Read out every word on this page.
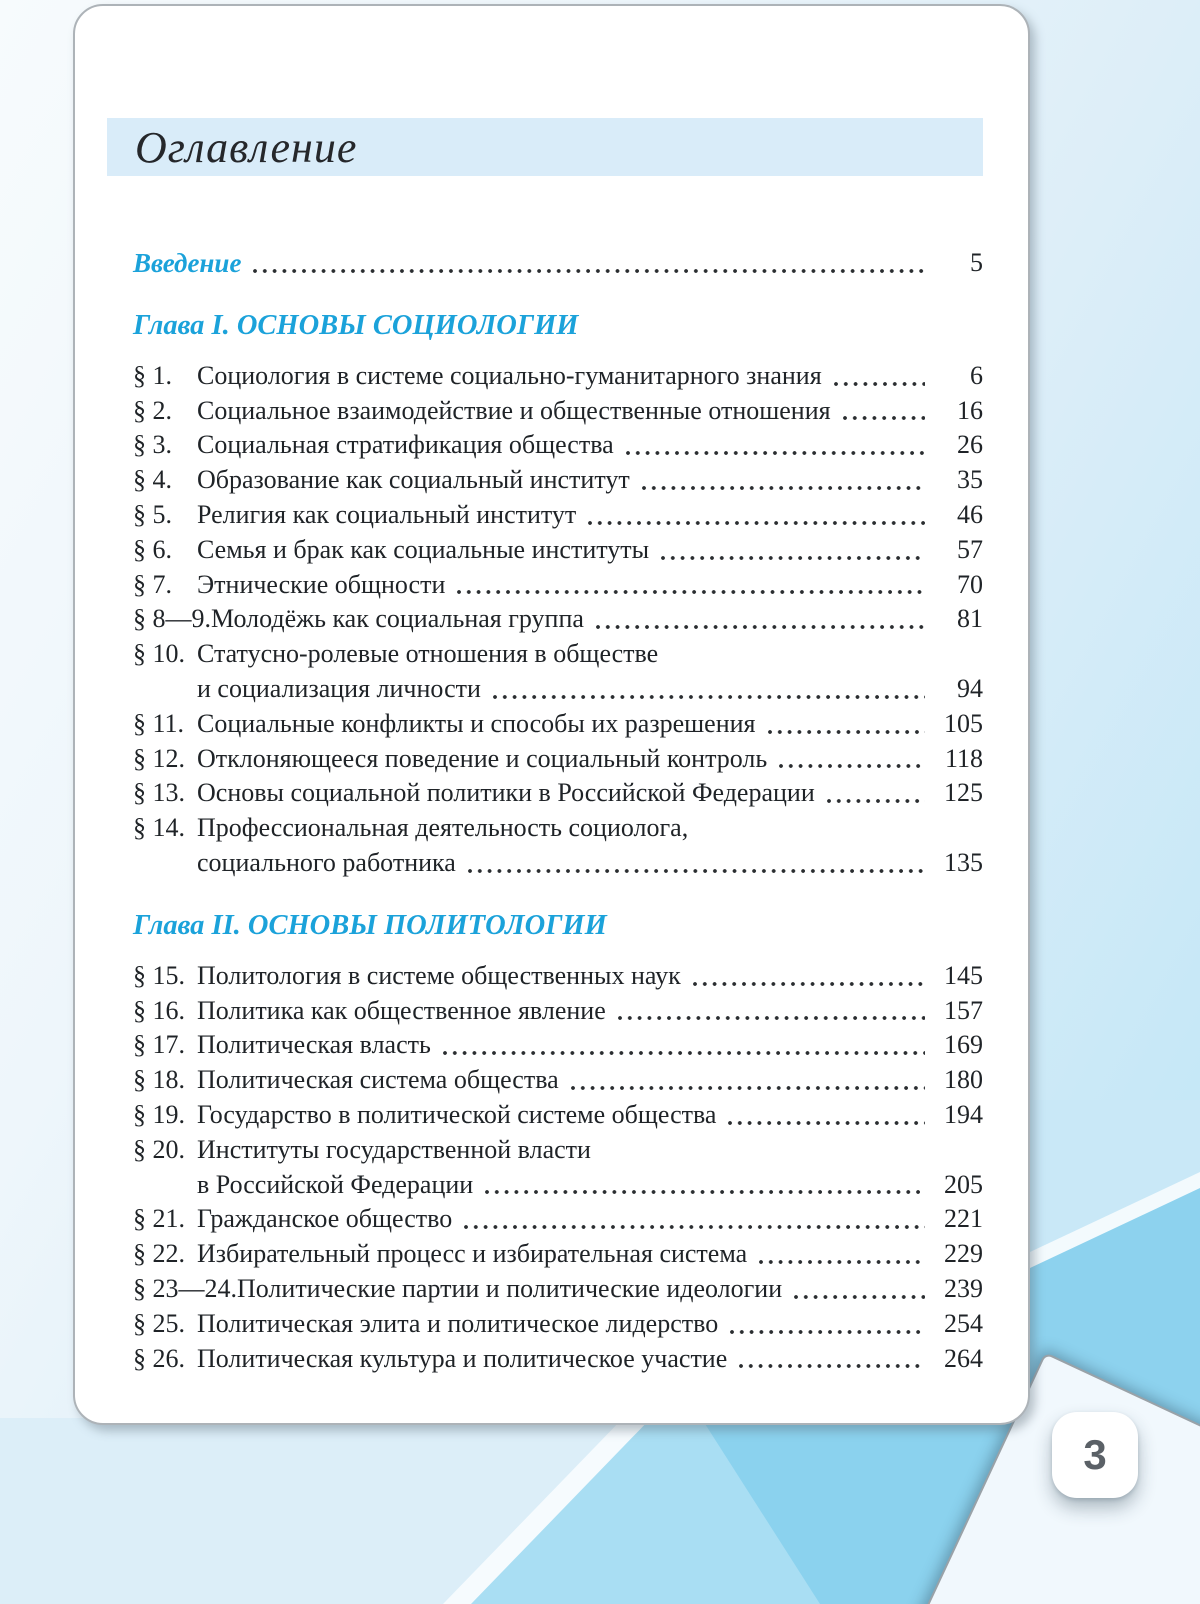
Оглавление
Введение	5
Глава I. ОСНОВЫ СОЦИОЛОГИИ
§ 1. Социология в системе социально-гуманитарного знания	6
§ 2. Социальное взаимодействие и общественные отношения	16
§ 3. Социальная стратификация общества	26
§ 4. Образование как социальный институт	35
§ 5. Религия как социальный институт	46
§ 6. Семья и брак как социальные институты	57
§ 7. Этнические общности	70
§ 8—9. Молодёжь как социальная группа	81
§ 10. Статусно-ролевые отношения в обществе
и социализация личности	94
§ 11. Социальные конфликты и способы их разрешения	105
§ 12. Отклоняющееся поведение и социальный контроль	118
§ 13. Основы социальной политики в Российской Федерации	125
§ 14. Профессиональная деятельность социолога,
социального работника	135
Глава II. ОСНОВЫ ПОЛИТОЛОГИИ
§ 15. Политология в системе общественных наук	145
§ 16. Политика как общественное явление	157
§ 17. Политическая власть	169
§ 18. Политическая система общества	180
§ 19. Государство в политической системе общества	194
§ 20. Институты государственной власти
в Российской Федерации	205
§ 21. Гражданское общество	221
§ 22. Избирательный процесс и избирательная система	229
§ 23—24. Политические партии и политические идеологии	239
§ 25. Политическая элита и политическое лидерство	254
§ 26. Политическая культура и политическое участие	264
3
